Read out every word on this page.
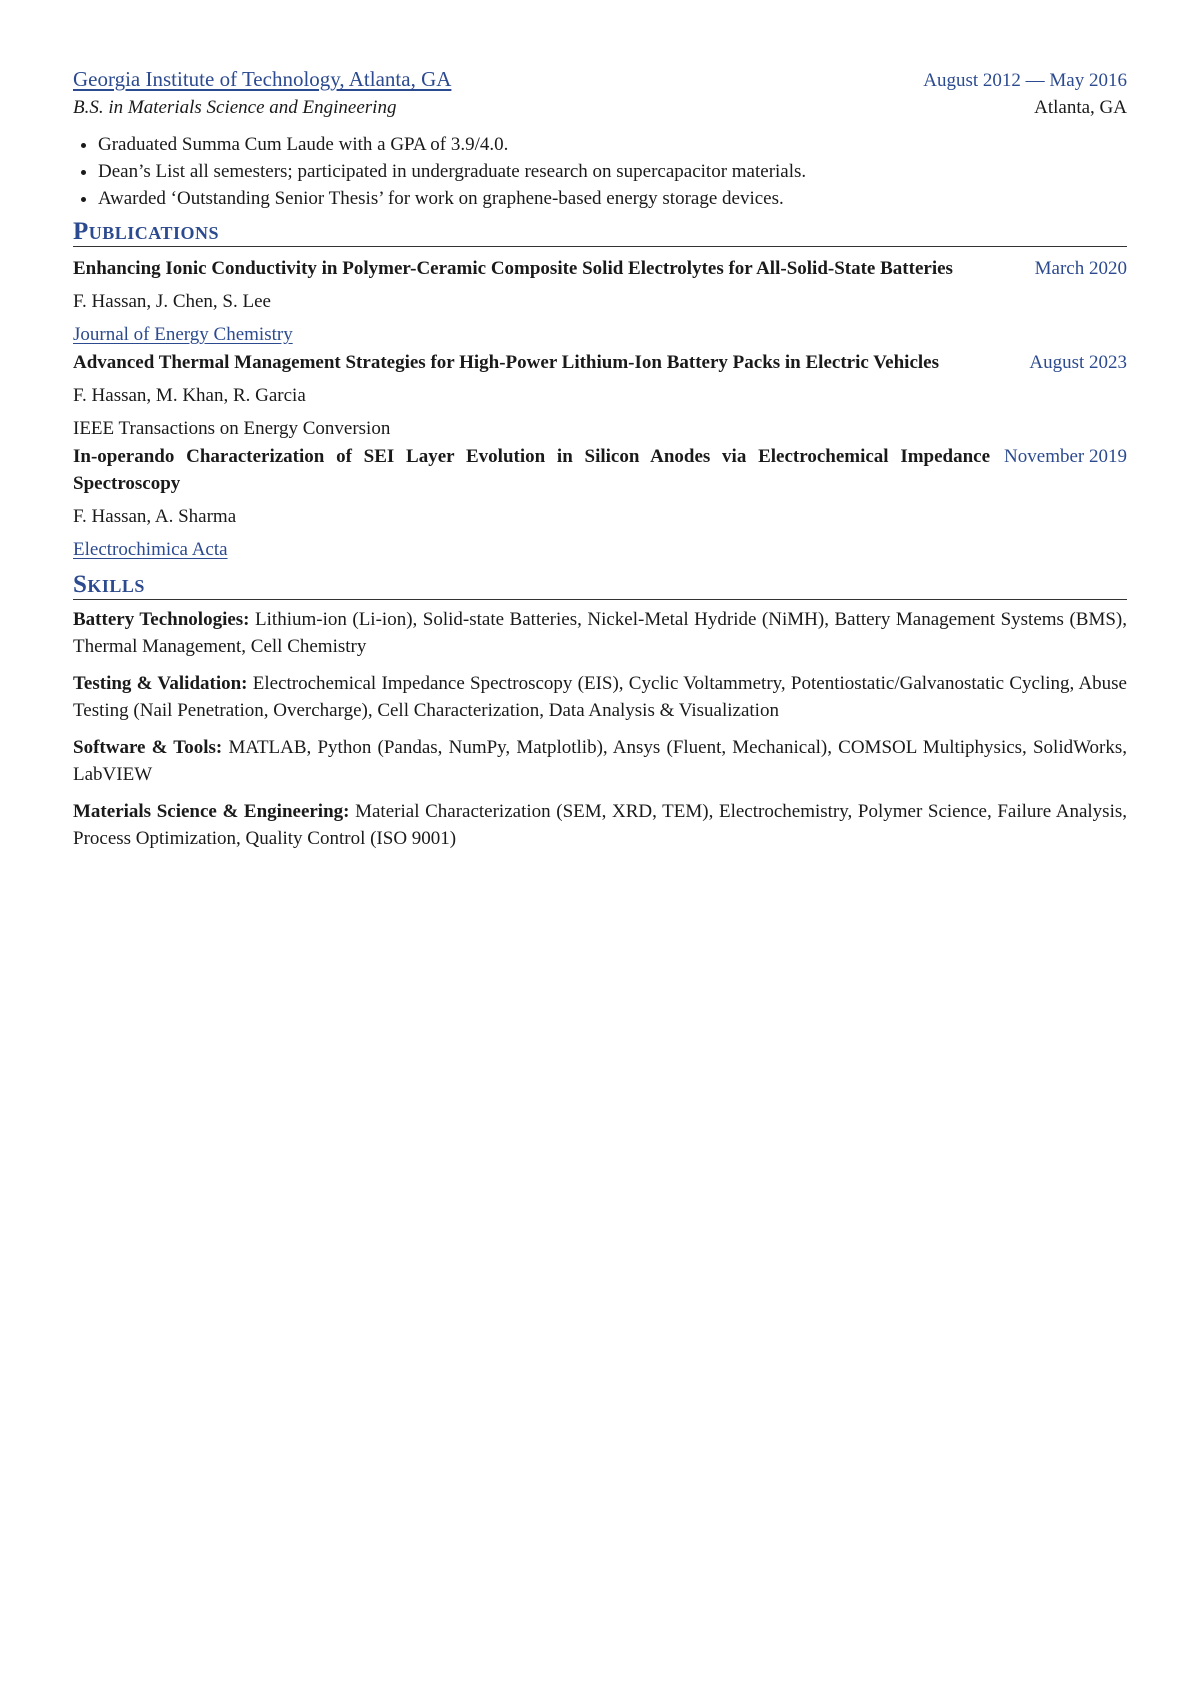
Georgia Institute of Technology, Atlanta, GA	August 2012 — May 2016
B.S. in Materials Science and Engineering	Atlanta, GA
• Graduated Summa Cum Laude with a GPA of 3.9/4.0.
• Dean’s List all semesters; participated in undergraduate research on supercapacitor materials.
• Awarded ‘Outstanding Senior Thesis’ for work on graphene-based energy storage devices.
Publications
Enhancing Ionic Conductivity in Polymer-Ceramic Composite Solid Electrolytes for All-Solid-State Batteries	March 2020
F. Hassan, J. Chen, S. Lee
Journal of Energy Chemistry
Advanced Thermal Management Strategies for High-Power Lithium-Ion Battery Packs in Electric Vehicles	August 2023
F. Hassan, M. Khan, R. Garcia
IEEE Transactions on Energy Conversion
In-operando Characterization of SEI Layer Evolution in Silicon Anodes via Electrochemical Impedance Spectroscopy
November 2019
F. Hassan, A. Sharma
Electrochimica Acta
Skills
Battery Technologies: Lithium-ion (Li-ion), Solid-state Batteries, Nickel-Metal Hydride (NiMH), Battery Management Systems (BMS), Thermal Management, Cell Chemistry
Testing & Validation: Electrochemical Impedance Spectroscopy (EIS), Cyclic Voltammetry, Potentiostatic/Galvanostatic Cycling, Abuse Testing (Nail Penetration, Overcharge), Cell Characterization, Data Analysis & Visualization
Software & Tools: MATLAB, Python (Pandas, NumPy, Matplotlib), Ansys (Fluent, Mechanical), COMSOL Multiphysics, SolidWorks, LabVIEW
Materials Science & Engineering: Material Characterization (SEM, XRD, TEM), Electrochemistry, Polymer Science, Failure Analysis, Process Optimization, Quality Control (ISO 9001)
